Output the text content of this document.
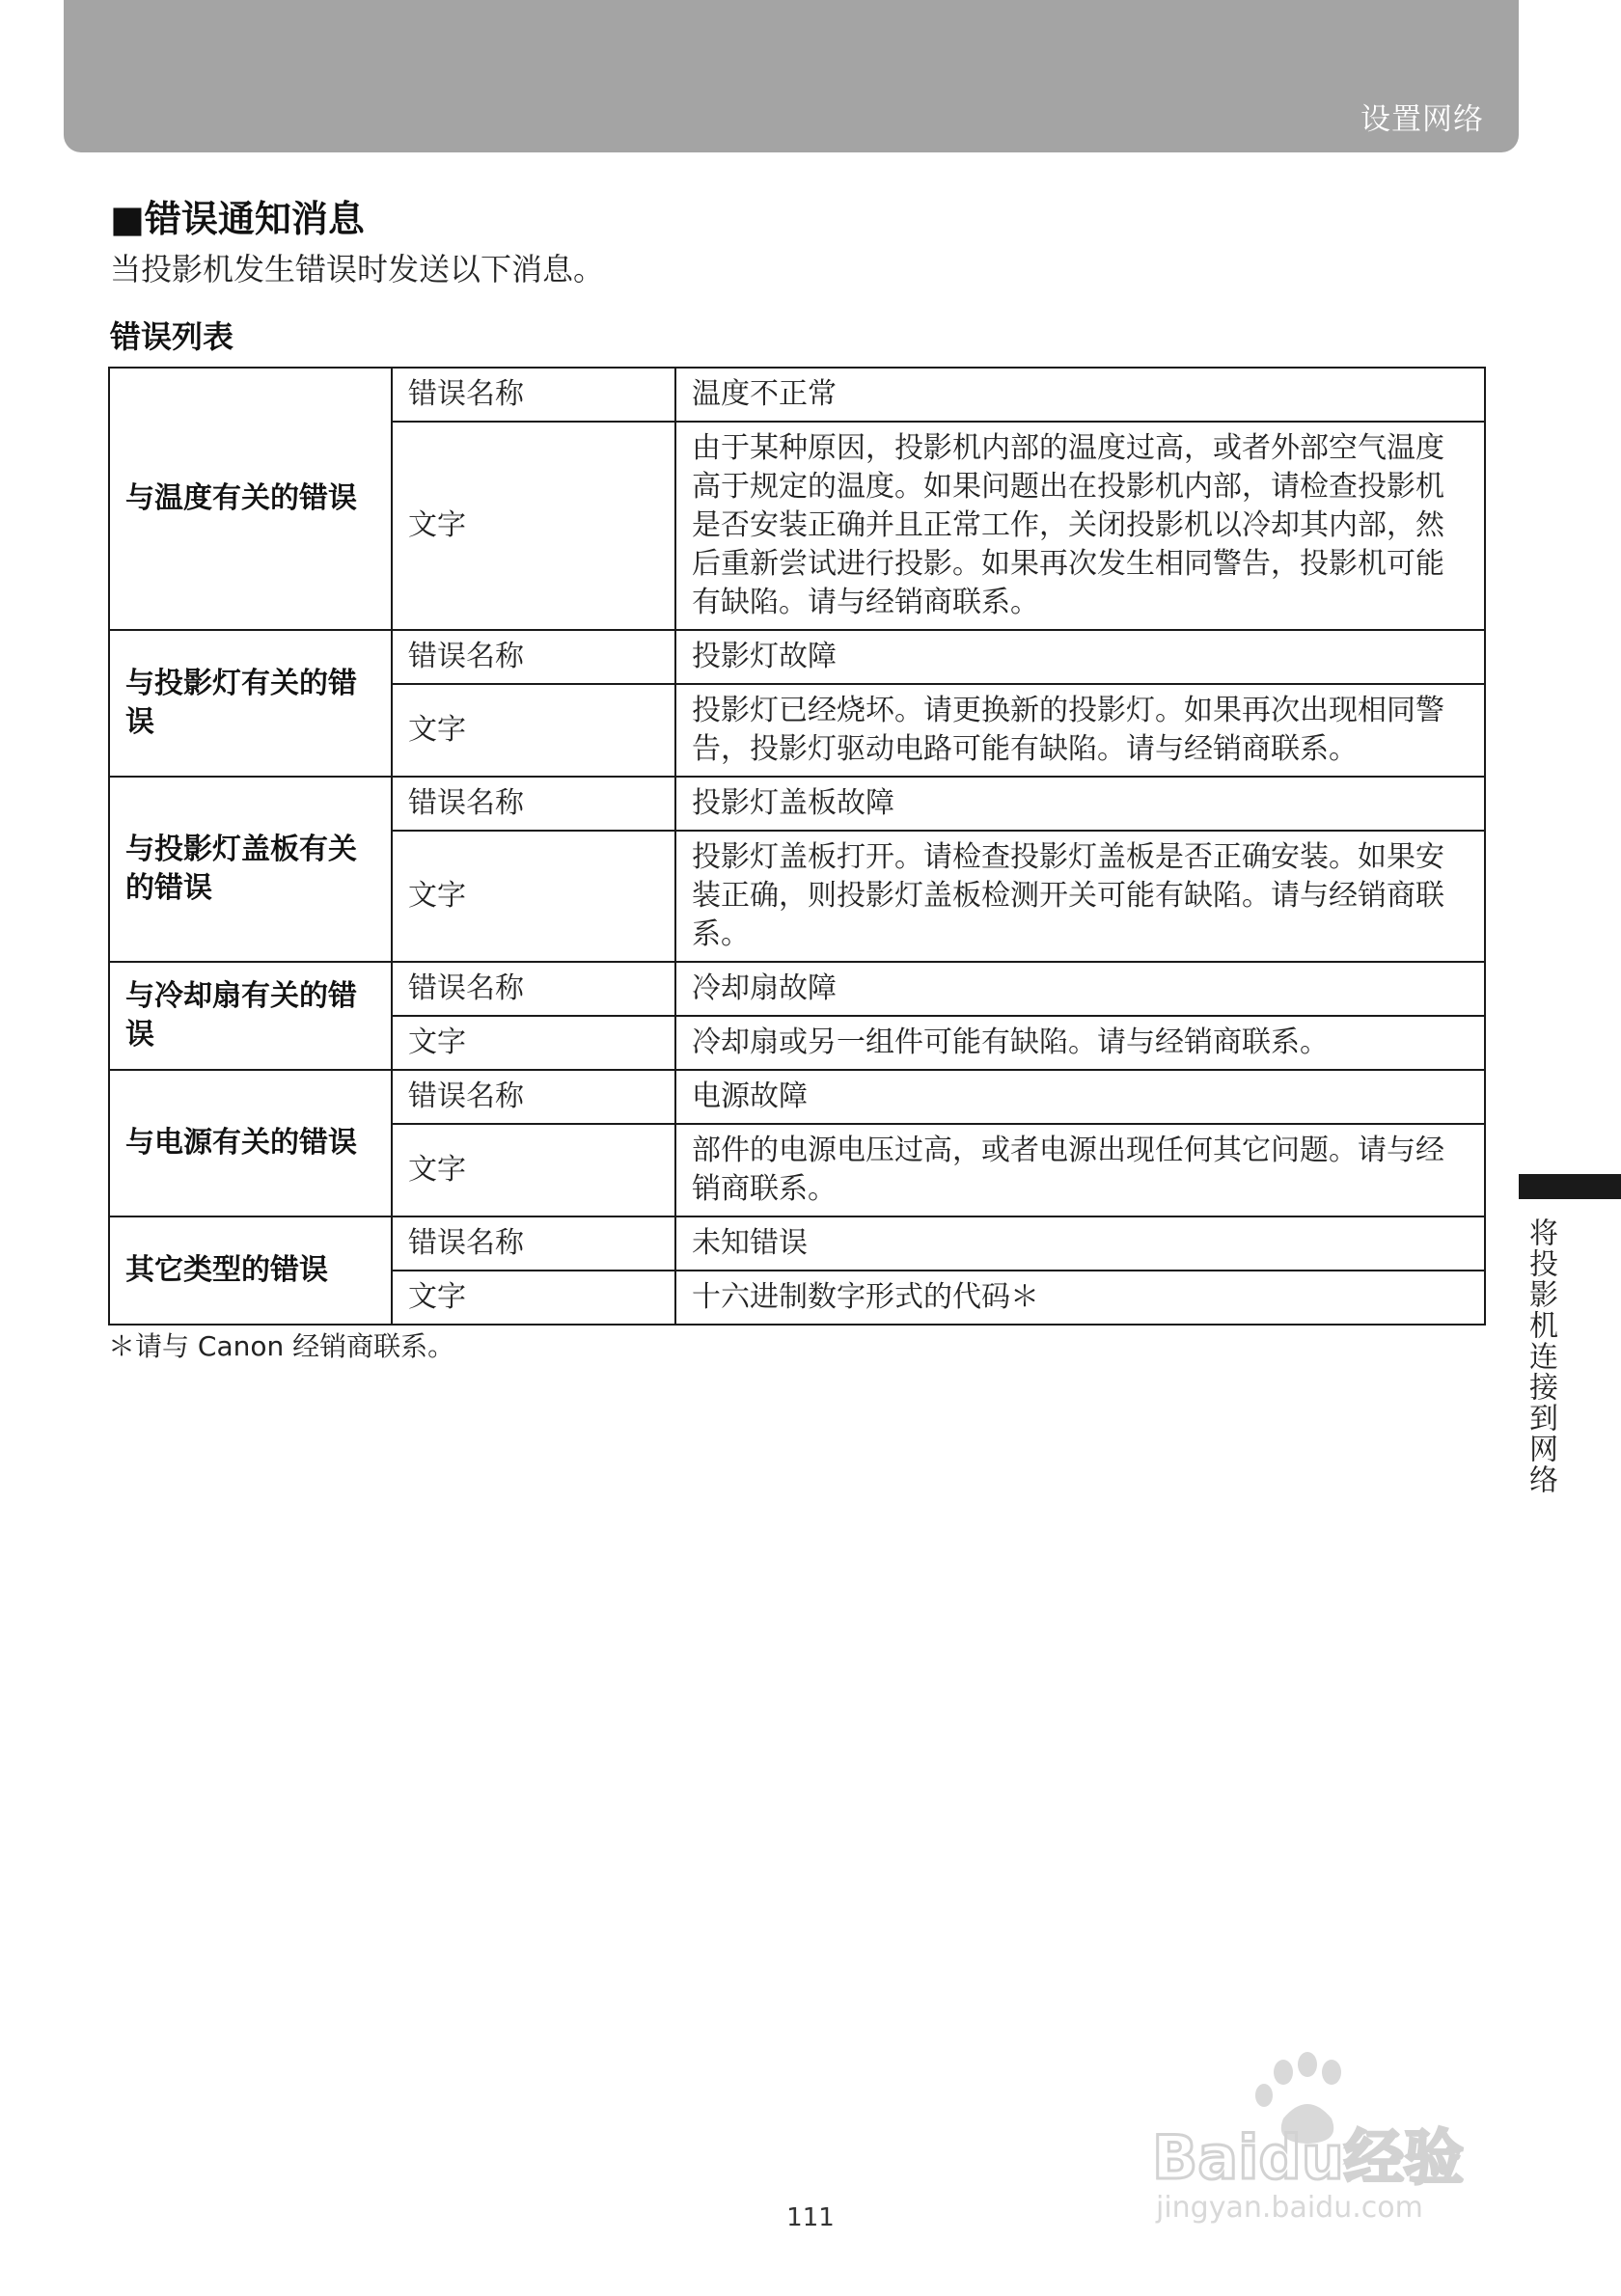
设置网络
■错误通知消息
当投影机发生错误时发送以下消息。
错误列表
与温度有关的错误	错误名称	温度不正常
	文字	由于某种原因，投影机内部的温度过高，或者外部空气温度高于规定的温度。如果问题出在投影机内部，请检查投影机是否安装正确并且正常工作，关闭投影机以冷却其内部，然后重新尝试进行投影。如果再次发生相同警告，投影机可能有缺陷。请与经销商联系。
与投影灯有关的错误	错误名称	投影灯故障
	文字	投影灯已经烧坏。请更换新的投影灯。如果再次出现相同警告，投影灯驱动电路可能有缺陷。请与经销商联系。
与投影灯盖板有关的错误	错误名称	投影灯盖板故障
	文字	投影灯盖板打开。请检查投影灯盖板是否正确安装。如果安装正确，则投影灯盖板检测开关可能有缺陷。请与经销商联系。
与冷却扇有关的错误	错误名称	冷却扇故障
	文字	冷却扇或另一组件可能有缺陷。请与经销商联系。
与电源有关的错误	错误名称	电源故障
	文字	部件的电源电压过高，或者电源出现任何其它问题。请与经销商联系。
其它类型的错误	错误名称	未知错误
	文字	十六进制数字形式的代码＊
＊请与 Canon 经销商联系。	将投影机连接到网络
111
Baidu经验
jingyan.baidu.com
